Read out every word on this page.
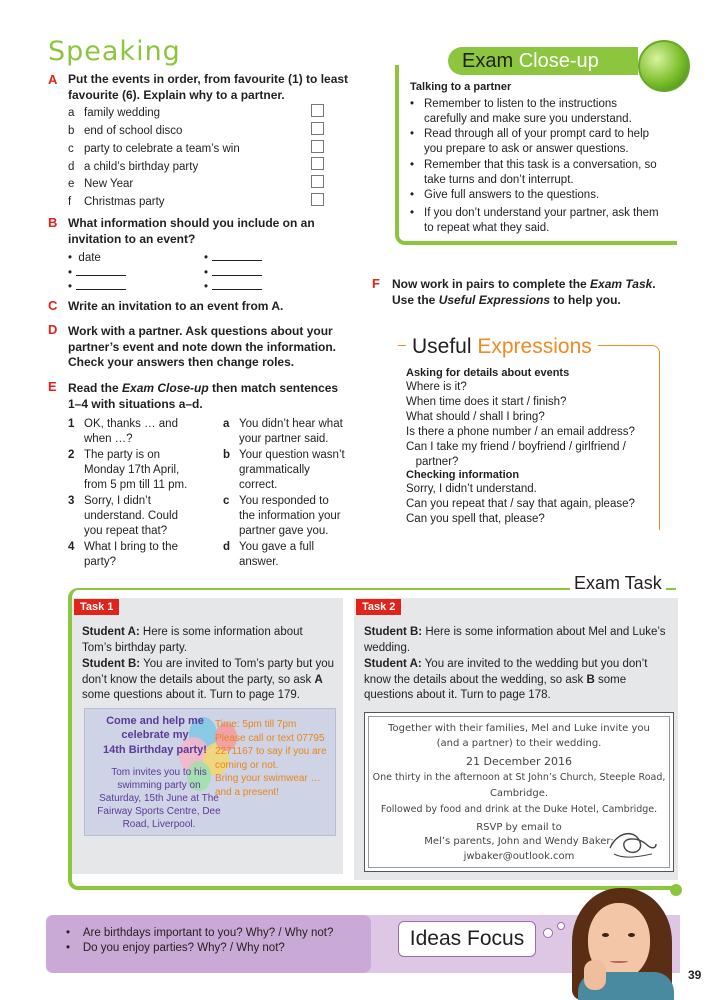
Speaking
A Put the events in order, from favourite (1) to least
favourite (6). Explain why to a partner.
a family wedding
b end of school disco
c party to celebrate a team’s win
d a child’s birthday party
e New Year
f Christmas party
B What information should you include on an
invitation to an event?
•  date
•
•
•
•
•
C Write an invitation to an event from A.
D Work with a partner. Ask questions about your
partner’s event and note down the information.
Check your answers then change roles.
E Read the Exam Close-up then match sentences
1–4 with situations a–d.
1 OK, thanks … and
when …?
2 The party is on
Monday 17th April,
from 5 pm till 11 pm.
3 Sorry, I didn’t
understand. Could
you repeat that?
4 What I bring to the
party?
a You didn’t hear what
your partner said.
b Your question wasn’t
grammatically
correct.
c You responded to
the information your
partner gave you.
d You gave a full
answer.
Exam Close-up
Talking to a partner
• Remember to listen to the instructions
carefully and make sure you understand.
• Read through all of your prompt card to help
you prepare to ask or answer questions.
• Remember that this task is a conversation, so
take turns and don’t interrupt.
• Give full answers to the questions.
• If you don’t understand your partner, ask them
to repeat what they said.
F Now work in pairs to complete the Exam Task.
Use the Useful Expressions to help you.
Useful Expressions
Asking for details about events
Where is it?
When time does it start / finish?
What should / shall I bring?
Is there a phone number / an email address?
Can I take my friend / boyfriend / girlfriend /
partner?
Checking information
Sorry, I didn’t understand.
Can you repeat that / say that again, please?
Can you spell that, please?
Exam Task
Task 1
Student A: Here is some information about
Tom’s birthday party.
Student B: You are invited to Tom’s party but you
don’t know the details about the party, so ask A
some questions about it. Turn to page 179.
Come and help me
celebrate my
14th Birthday party!
Tom invites you to his
swimming party on
Saturday, 15th June at The
Fairway Sports Centre, Dee
Road, Liverpool.
Time: 5pm till 7pm
Please call or text 07795
2271167 to say if you are
coming or not.
Bring your swimwear …
and a present!
Task 2
Student B: Here is some information about Mel and Luke’s
wedding.
Student A: You are invited to the wedding but you don’t
know the details about the wedding, so ask B some
questions about it. Turn to page 178.
Together with their families, Mel and Luke invite you
(and a partner) to their wedding.
21 December 2016
One thirty in the afternoon at St John’s Church, Steeple Road,
Cambridge.
Followed by food and drink at the Duke Hotel, Cambridge.
RSVP by email to
Mel’s parents, John and Wendy Baker:
jwbaker@outlook.com
•    Are birthdays important to you? Why? / Why not?
•    Do you enjoy parties? Why? / Why not?	Ideas Focus
39
